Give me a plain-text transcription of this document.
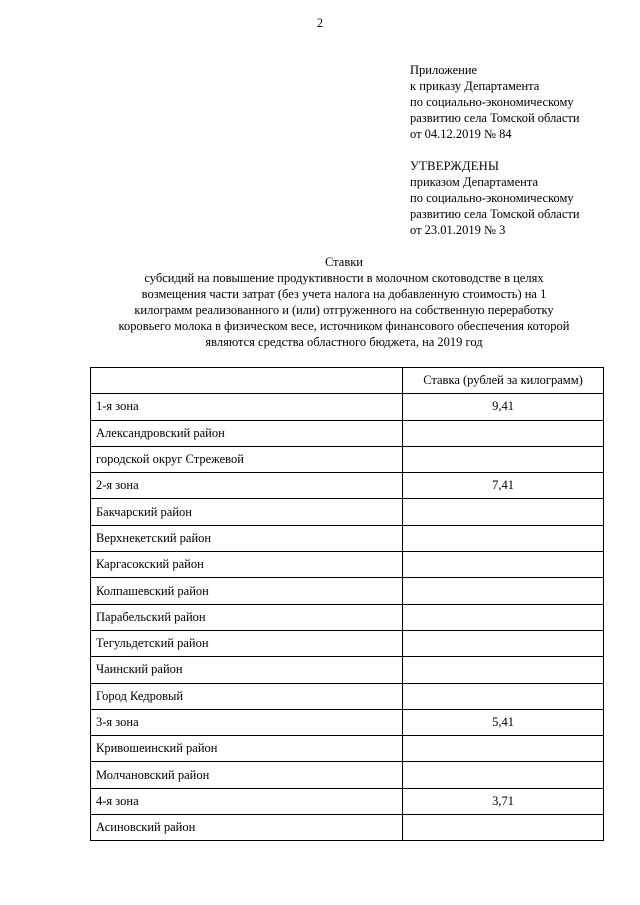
2
Приложение
к приказу Департамента
по социально-экономическому
развитию села Томской области
от 04.12.2019 № 84
УТВЕРЖДЕНЫ
приказом Департамента
по социально-экономическому
развитию села Томской области
от 23.01.2019 № 3
Ставки
субсидий на повышение продуктивности в молочном скотоводстве в целях
возмещения части затрат (без учета налога на добавленную стоимость) на 1
килограмм реализованного и (или) отгруженного на собственную переработку
коровьего молока в физическом весе, источником финансового обеспечения которой
являются средства областного бюджета, на 2019 год
	Ставка (рублей за килограмм)
1-я зона	9,41
Александровский район	
городской округ Стрежевой	
2-я зона	7,41
Бакчарский район	
Верхнекетский район	
Каргасокский район	
Колпашевский район	
Парабельский район	
Тегульдетский район	
Чаинский район	
Город Кедровый	
3-я зона	5,41
Кривошеинский район	
Молчановский район	
4-я зона	3,71
Асиновский район	
